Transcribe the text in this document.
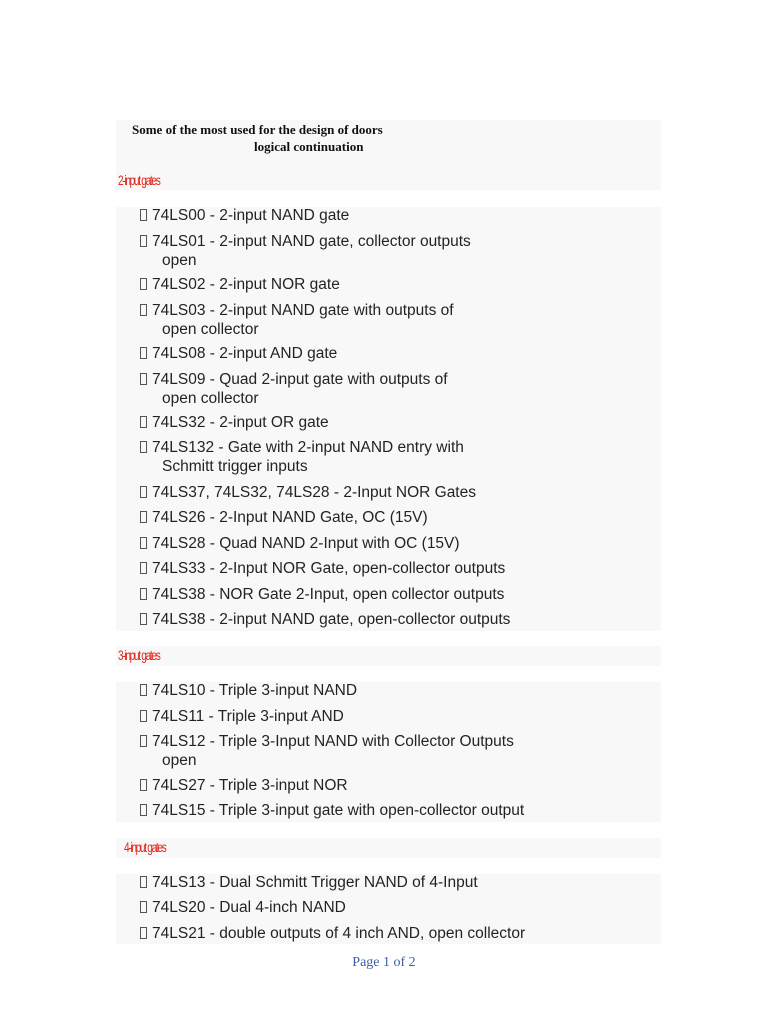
Some of the most used for the design of doors
logical continuation
2-input gates
74LS00 - 2-input NAND gate
74LS01 - 2-input NAND gate, collector outputs
open
74LS02 - 2-input NOR gate
74LS03 - 2-input NAND gate with outputs of
open collector
74LS08 - 2-input AND gate
74LS09 - Quad 2-input gate with outputs of
open collector
74LS32 - 2-input OR gate
74LS132 - Gate with 2-input NAND entry with
Schmitt trigger inputs
74LS37, 74LS32, 74LS28 - 2-Input NOR Gates
74LS26 - 2-Input NAND Gate, OC (15V)
74LS28 - Quad NAND 2-Input with OC (15V)
74LS33 - 2-Input NOR Gate, open-collector outputs
74LS38 - NOR Gate 2-Input, open collector outputs
74LS38 - 2-input NAND gate, open-collector outputs
3-input gates
74LS10 - Triple 3-input NAND
74LS11 - Triple 3-input AND
74LS12 - Triple 3-Input NAND with Collector Outputs
open
74LS27 - Triple 3-input NOR
74LS15 - Triple 3-input gate with open-collector output
4-input gates
74LS13 - Dual Schmitt Trigger NAND of 4-Input
74LS20 - Dual 4-inch NAND
74LS21 - double outputs of 4 inch AND, open collector
Page 1 of 2
